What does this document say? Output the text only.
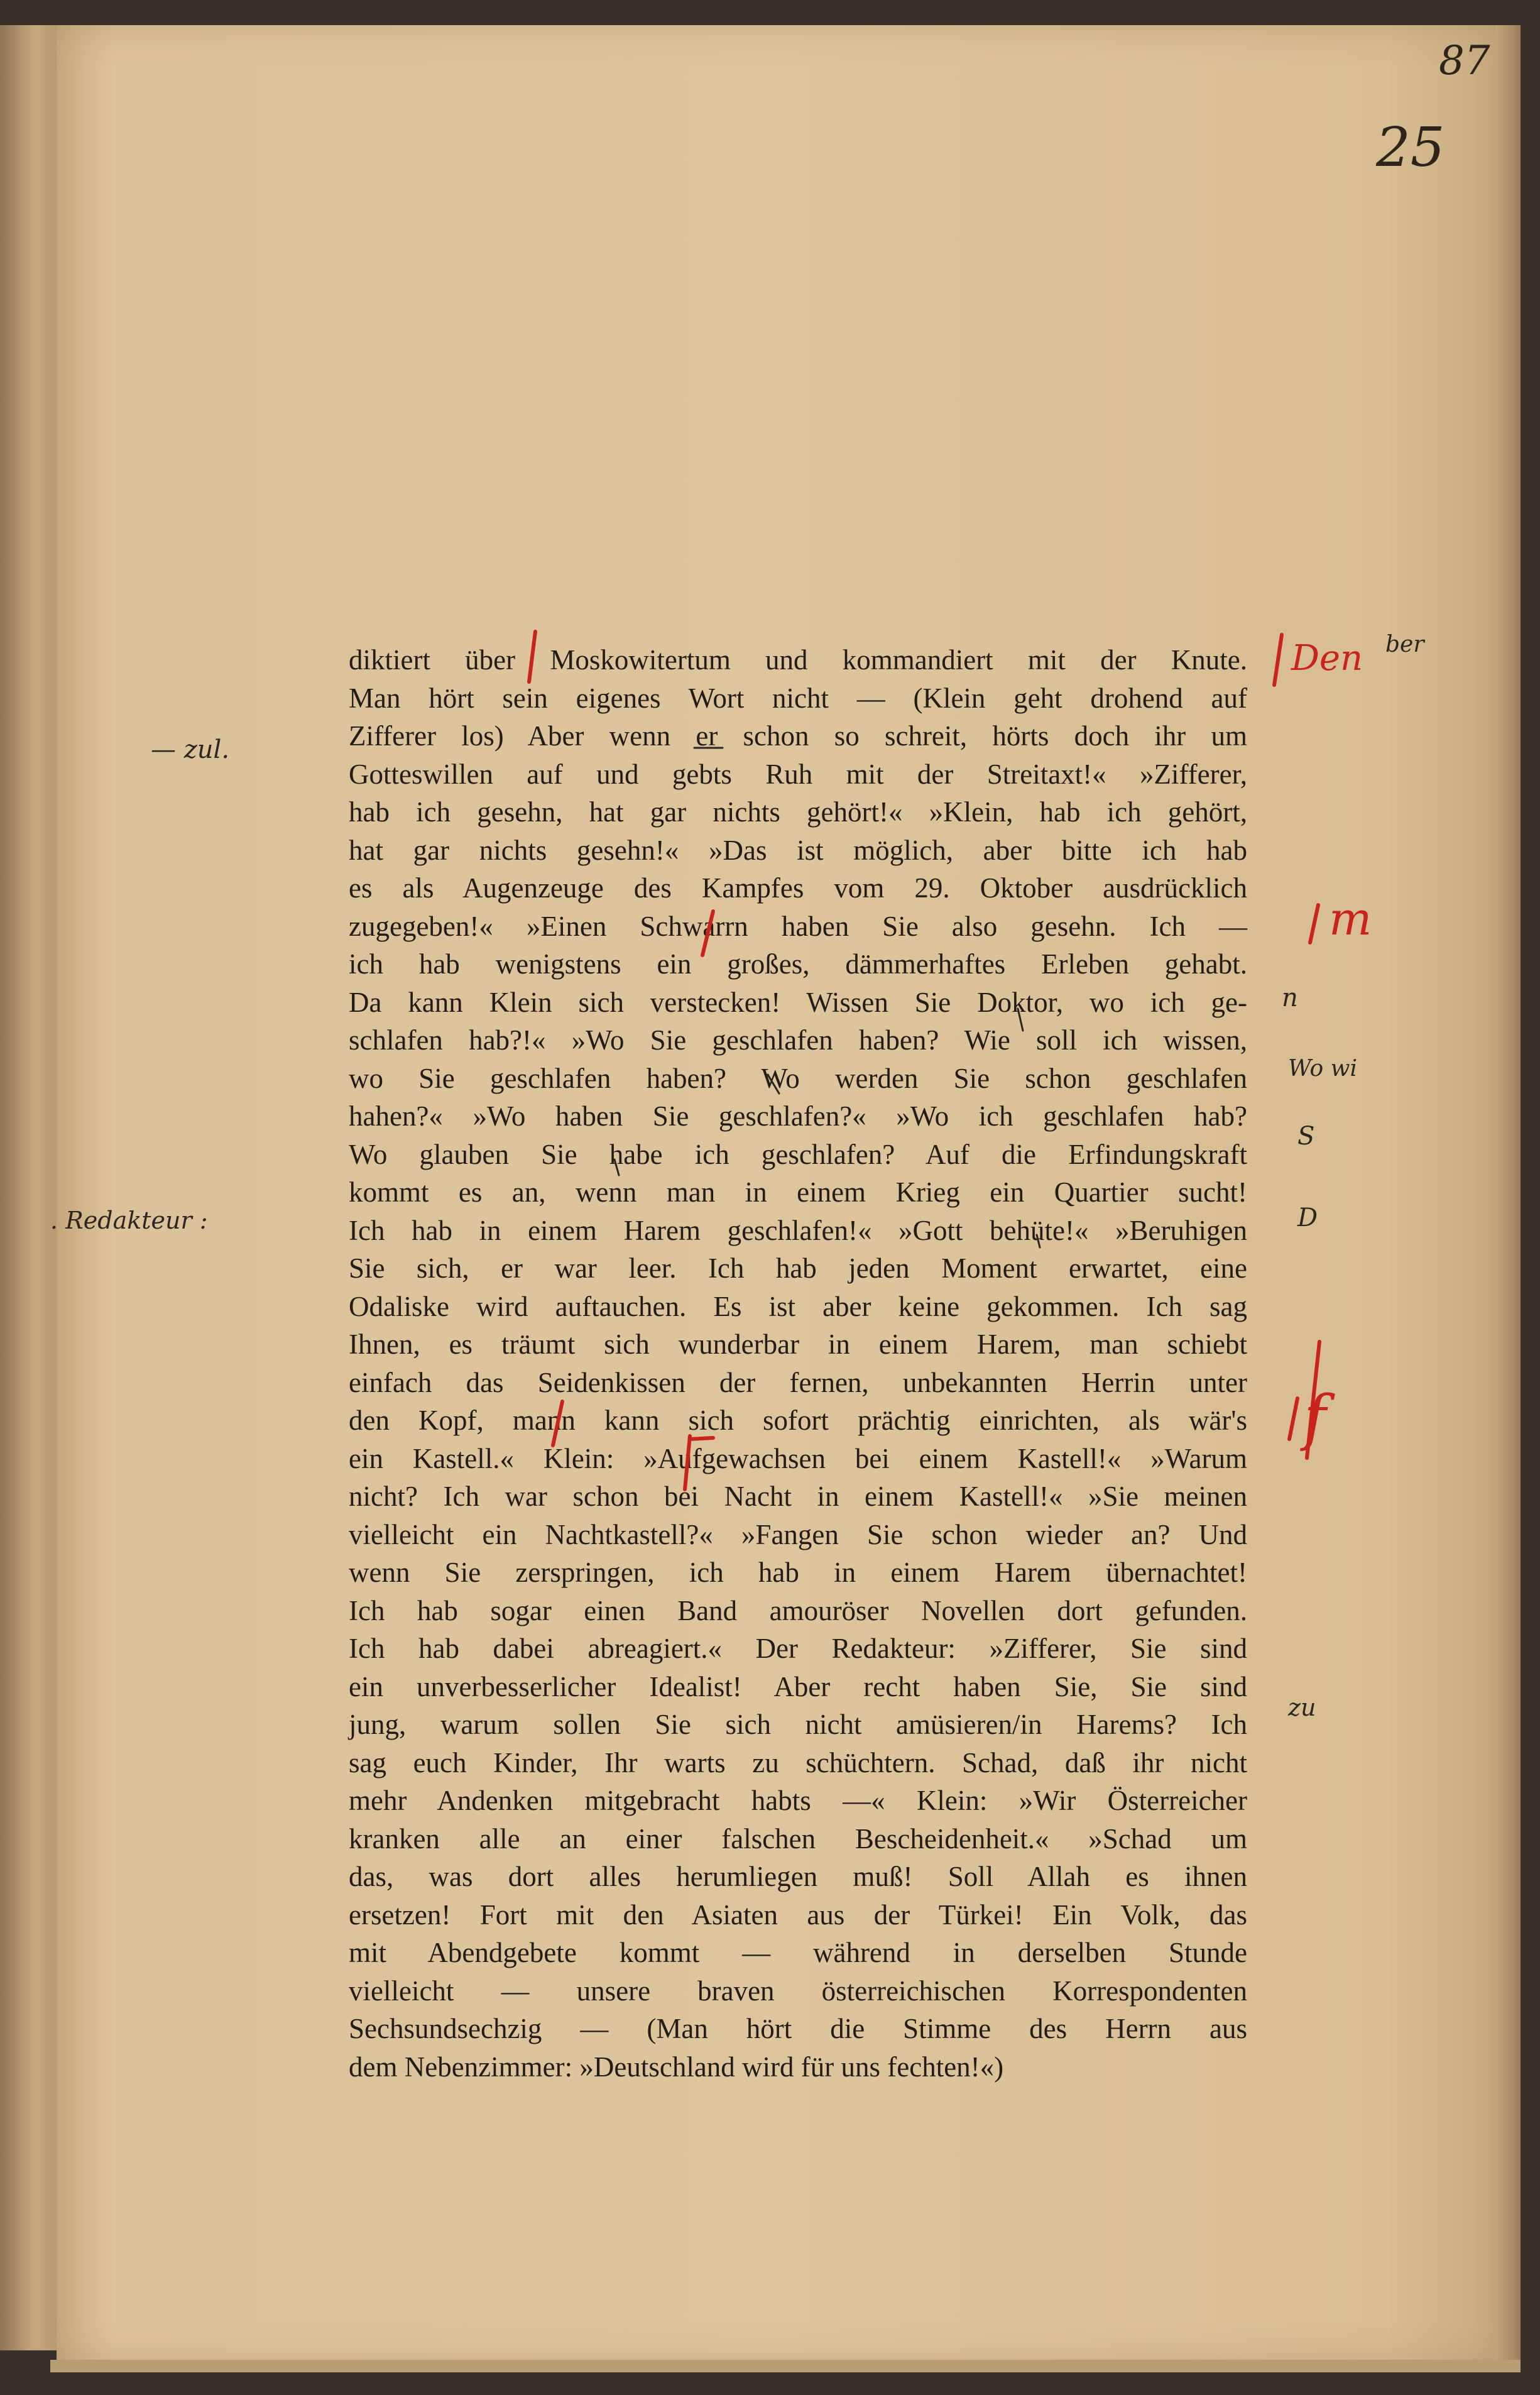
87
25
diktiert über Moskowitertum und kommandiert mit der Knute.
Man hört sein eigenes Wort nicht — (Klein geht drohend auf
Zifferer los) Aber wenn er schon so schreit, hörts doch ihr um
Gotteswillen auf und gebts Ruh mit der Streitaxt!« »Zifferer,
hab ich gesehn, hat gar nichts gehört!« »Klein, hab ich gehört,
hat gar nichts gesehn!« »Das ist möglich, aber bitte ich hab
es als Augenzeuge des Kampfes vom 29. Oktober ausdrücklich
zugegeben!« »Einen Schwarrn haben Sie also gesehn. Ich —
ich hab wenigstens ein großes, dämmerhaftes Erleben gehabt.
Da kann Klein sich verstecken! Wissen Sie Doktor, wo ich ge-
schlafen hab?!« »Wo Sie geschlafen haben? Wie soll ich wissen,
wo Sie geschlafen haben? Wo werden Sie schon geschlafen
hahen?« »Wo haben Sie geschlafen?« »Wo ich geschlafen hab?
Wo glauben Sie habe ich geschlafen? Auf die Erfindungskraft
kommt es an, wenn man in einem Krieg ein Quartier sucht!
Ich hab in einem Harem geschlafen!« »Gott behüte!« »Beruhigen
Sie sich, er war leer. Ich hab jeden Moment erwartet, eine
Odaliske wird auftauchen. Es ist aber keine gekommen. Ich sag
Ihnen, es träumt sich wunderbar in einem Harem, man schiebt
einfach das Seidenkissen der fernen, unbekannten Herrin unter
den Kopf, mann kann sich sofort prächtig einrichten, als wär's
ein Kastell.« Klein: »Aufgewachsen bei einem Kastell!« »Warum
nicht? Ich war schon bei Nacht in einem Kastell!« »Sie meinen
vielleicht ein Nachtkastell?« »Fangen Sie schon wieder an? Und
wenn Sie zerspringen, ich hab in einem Harem übernachtet!
Ich hab sogar einen Band amouröser Novellen dort gefunden.
Ich hab dabei abreagiert.« Der Redakteur: »Zifferer, Sie sind
ein unverbesserlicher Idealist! Aber recht haben Sie, Sie sind
jung, warum sollen Sie sich nicht amüsieren/in Harems? Ich
sag euch Kinder, Ihr warts zu schüchtern. Schad, daß ihr nicht
mehr Andenken mitgebracht habts —« Klein: »Wir Österreicher
kranken alle an einer falschen Bescheidenheit.« »Schad um
das, was dort alles herumliegen muß! Soll Allah es ihnen
ersetzen! Fort mit den Asiaten aus der Türkei! Ein Volk, das
mit Abendgebete kommt — während in derselben Stunde
vielleicht — unsere braven österreichischen Korrespondenten
Sechsundsechzig — (Man hört die Stimme des Herrn aus
dem Nebenzimmer: »Deutschland wird für uns fechten!«)
— zul.
. Redakteur :
Den ber
m
n
Wo wi
S
D
f
zu
